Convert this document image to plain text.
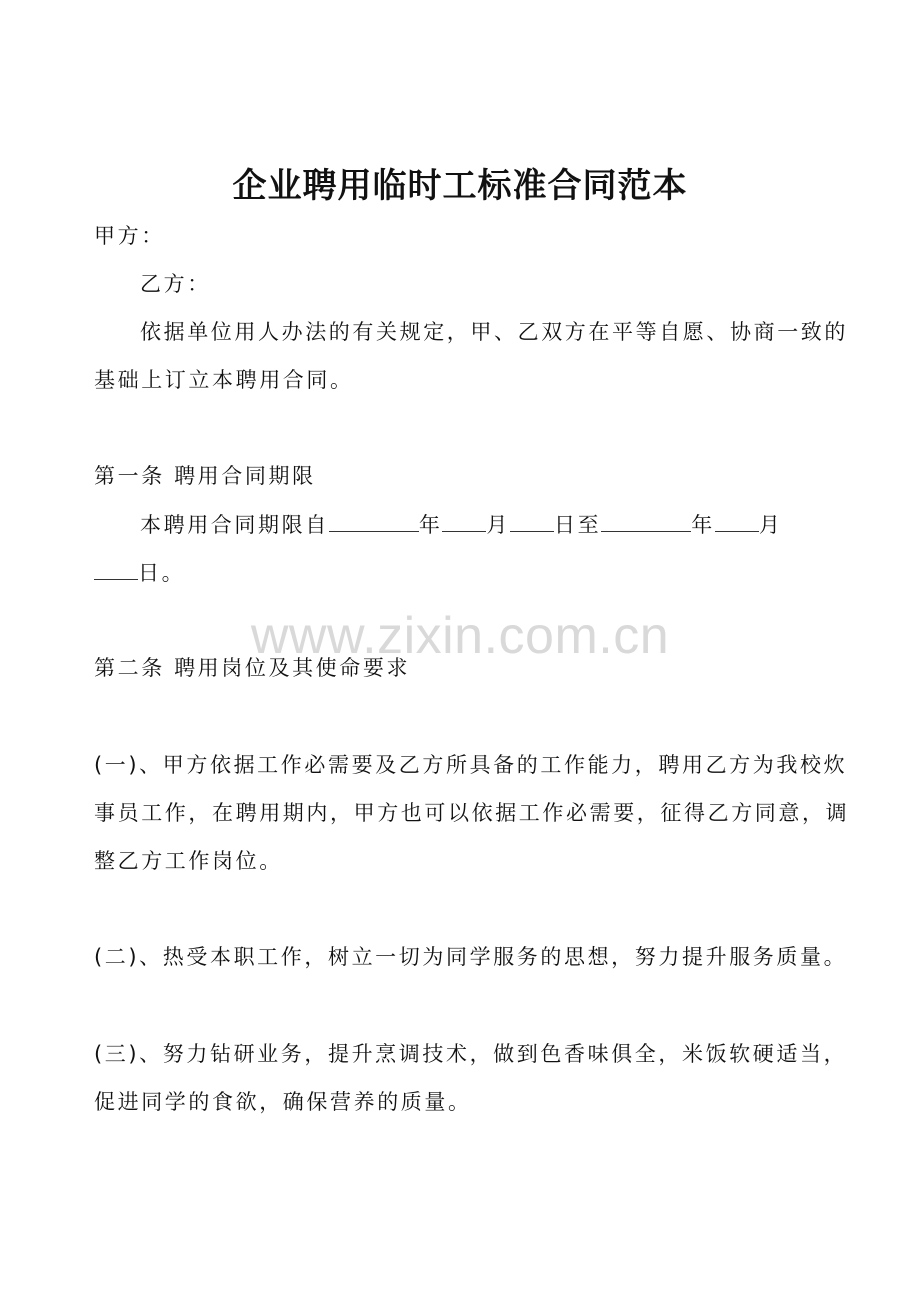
企业聘用临时工标准合同范本
甲方：
乙方：
依据单位用人办法的有关规定，甲、乙双方在平等自愿、协商一致的
基础上订立本聘用合同。
第一条 聘用合同期限
本聘用合同期限自	年 月 日至	年 月
日。
www.zixin.com.cn
第二条 聘用岗位及其使命要求
(一)、甲方依据工作必需要及乙方所具备的工作能力，聘用乙方为我校炊
事员工作，在聘用期内，甲方也可以依据工作必需要，征得乙方同意，调
整乙方工作岗位。
(二)、热受本职工作，树立一切为同学服务的思想，努力提升服务质量。
(三)、努力钻研业务，提升烹调技术，做到色香味俱全，米饭软硬适当，
促进同学的食欲，确保营养的质量。
